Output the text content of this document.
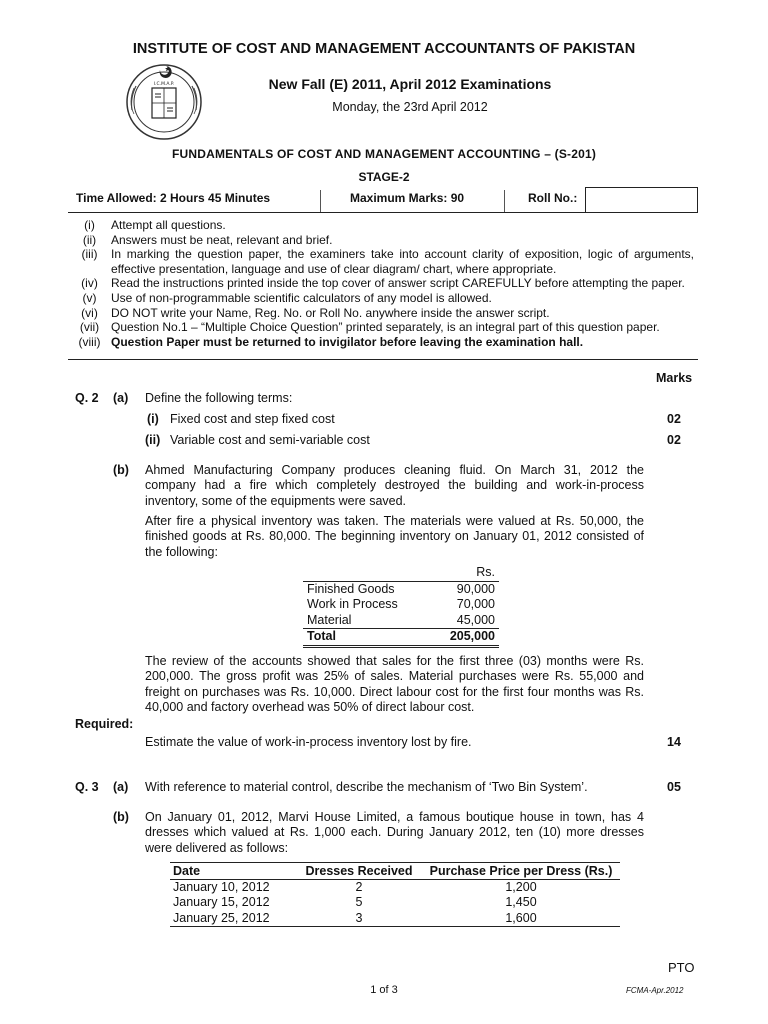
I.C.M.A.P.
INSTITUTE OF COST AND MANAGEMENT ACCOUNTANTS OF PAKISTAN
New Fall (E) 2011, April 2012 Examinations
Monday, the 23rd April 2012
FUNDAMENTALS OF COST AND MANAGEMENT ACCOUNTING – (S-201)
STAGE-2
Time Allowed: 2 Hours 45 Minutes	Maximum Marks: 90	Roll No.:
(i)	Attempt all questions.
(ii)	Answers must be neat, relevant and brief.
(iii)	In marking the question paper, the examiners take into account clarity of exposition, logic of arguments, effective presentation, language and use of clear diagram/ chart, where appropriate.
(iv)	Read the instructions printed inside the top cover of answer script CAREFULLY before attempting the paper.
(v)	Use of non-programmable scientific calculators of any model is allowed.
(vi)	DO NOT write your Name, Reg. No. or Roll No. anywhere inside the answer script.
(vii) Question No.1 – “Multiple Choice Question” printed separately, is an integral part of this question paper.
(viii) Question Paper must be returned to invigilator before leaving the examination hall.
Marks
Q. 2 (a) Define the following terms:
(i) Fixed cost and step fixed cost	02
(ii) Variable cost and semi-variable cost	02
(b) Ahmed Manufacturing Company produces cleaning fluid. On March 31, 2012 the company had a fire which completely destroyed the building and work-in-process inventory, some of the equipments were saved.
After fire a physical inventory was taken. The materials were valued at Rs. 50,000, the finished goods at Rs. 80,000. The beginning inventory on January 01, 2012 consisted of the following:
	Rs.
Finished Goods	90,000
Work in Process	70,000
Material	45,000
Total	205,000
The review of the accounts showed that sales for the first three (03) months were Rs. 200,000. The gross profit was 25% of sales. Material purchases were Rs. 55,000 and freight on purchases was Rs. 10,000. Direct labour cost for the first four months was Rs. 40,000 and factory overhead was 50% of direct labour cost.
Required:
Estimate the value of work-in-process inventory lost by fire.	14
Q. 3 (a) With reference to material control, describe the mechanism of ‘Two Bin System’.	05
(b) On January 01, 2012, Marvi House Limited, a famous boutique house in town, has 4 dresses which valued at Rs. 1,000 each. During January 2012, ten (10) more dresses were delivered as follows:
Date	Dresses Received	Purchase Price per Dress (Rs.)
January 10, 2012	2	1,200
January 15, 2012	5	1,450
January 25, 2012	3	1,600
PTO
1 of 3	FCMA-Apr.2012
